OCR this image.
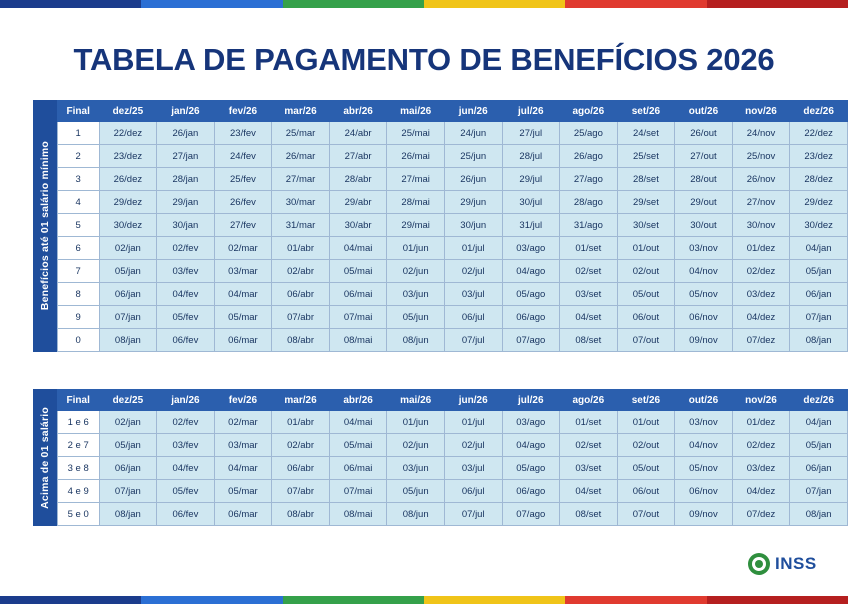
TABELA DE PAGAMENTO DE BENEFÍCIOS 2026
Benefícios até 01 salário mínimo
Final	dez/25	jan/26	fev/26	mar/26	abr/26	mai/26	jun/26	jul/26	ago/26	set/26	out/26	nov/26	dez/26
1	22/dez	26/jan	23/fev	25/mar	24/abr	25/mai	24/jun	27/jul	25/ago	24/set	26/out	24/nov	22/dez
2	23/dez	27/jan	24/fev	26/mar	27/abr	26/mai	25/jun	28/jul	26/ago	25/set	27/out	25/nov	23/dez
3	26/dez	28/jan	25/fev	27/mar	28/abr	27/mai	26/jun	29/jul	27/ago	28/set	28/out	26/nov	28/dez
4	29/dez	29/jan	26/fev	30/mar	29/abr	28/mai	29/jun	30/jul	28/ago	29/set	29/out	27/nov	29/dez
5	30/dez	30/jan	27/fev	31/mar	30/abr	29/mai	30/jun	31/jul	31/ago	30/set	30/out	30/nov	30/dez
6	02/jan	02/fev	02/mar	01/abr	04/mai	01/jun	01/jul	03/ago	01/set	01/out	03/nov	01/dez	04/jan
7	05/jan	03/fev	03/mar	02/abr	05/mai	02/jun	02/jul	04/ago	02/set	02/out	04/nov	02/dez	05/jan
8	06/jan	04/fev	04/mar	06/abr	06/mai	03/jun	03/jul	05/ago	03/set	05/out	05/nov	03/dez	06/jan
9	07/jan	05/fev	05/mar	07/abr	07/mai	05/jun	06/jul	06/ago	04/set	06/out	06/nov	04/dez	07/jan
0	08/jan	06/fev	06/mar	08/abr	08/mai	08/jun	07/jul	07/ago	08/set	07/out	09/nov	07/dez	08/jan
Acima de 01 salário
Final	dez/25	jan/26	fev/26	mar/26	abr/26	mai/26	jun/26	jul/26	ago/26	set/26	out/26	nov/26	dez/26
1 e 6	02/jan	02/fev	02/mar	01/abr	04/mai	01/jun	01/jul	03/ago	01/set	01/out	03/nov	01/dez	04/jan
2 e 7	05/jan	03/fev	03/mar	02/abr	05/mai	02/jun	02/jul	04/ago	02/set	02/out	04/nov	02/dez	05/jan
3 e 8	06/jan	04/fev	04/mar	06/abr	06/mai	03/jun	03/jul	05/ago	03/set	05/out	05/nov	03/dez	06/jan
4 e 9	07/jan	05/fev	05/mar	07/abr	07/mai	05/jun	06/jul	06/ago	04/set	06/out	06/nov	04/dez	07/jan
5 e 0	08/jan	06/fev	06/mar	08/abr	08/mai	08/jun	07/jul	07/ago	08/set	07/out	09/nov	07/dez	08/jan
INSS
